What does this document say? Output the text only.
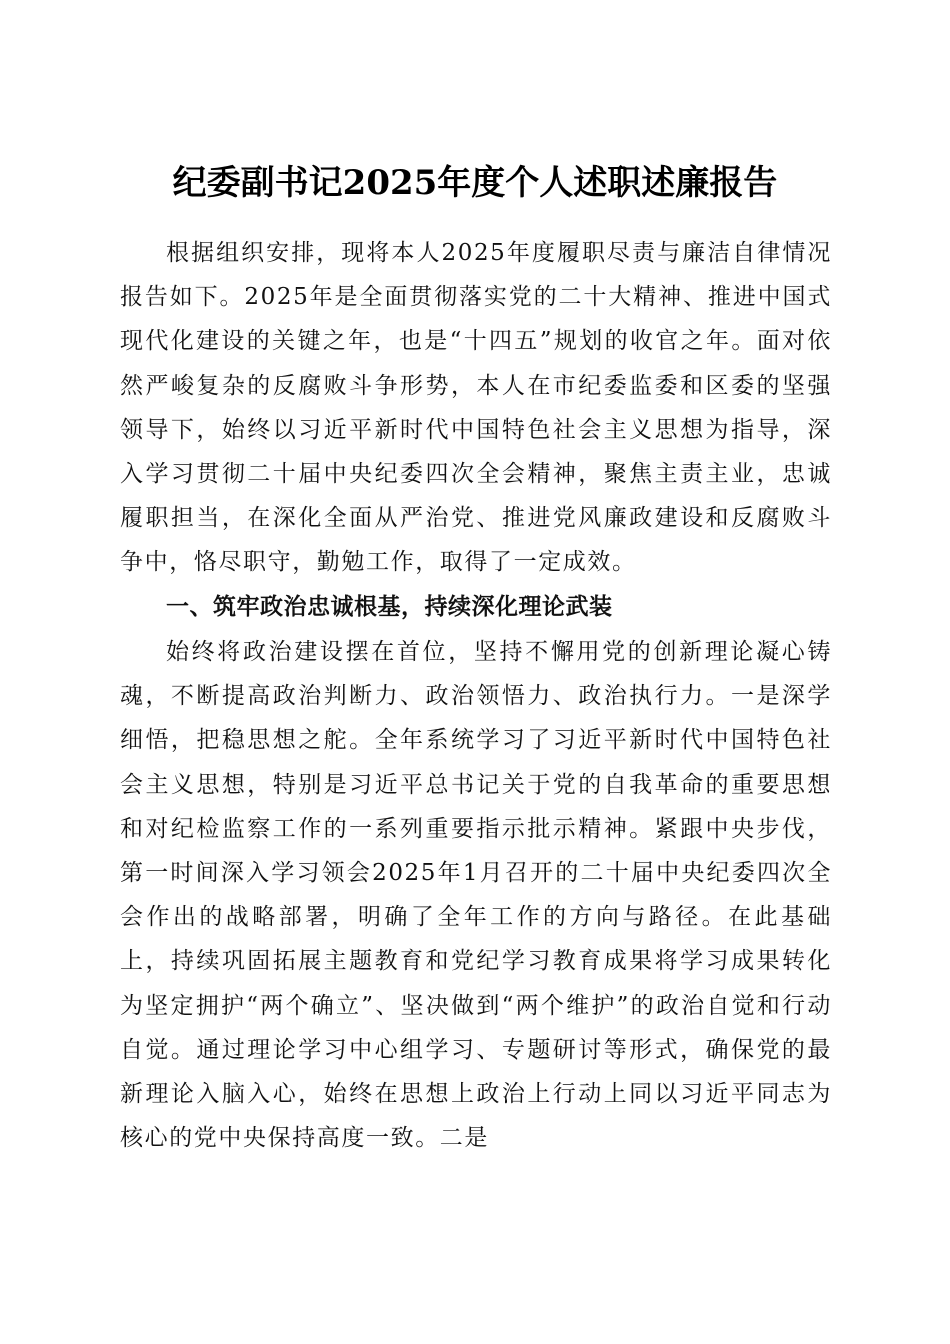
纪委副书记2025年度个人述职述廉报告

根据组织安排，现将本人2025年度履职尽责与廉洁自律情况报告如下。2025年是全面贯彻落实党的二十大精神、推进中国式现代化建设的关键之年，也是“十四五”规划的收官之年。面对依然严峻复杂的反腐败斗争形势，本人在市纪委监委和区委的坚强领导下，始终以习近平新时代中国特色社会主义思想为指导，深入学习贯彻二十届中央纪委四次全会精神，聚焦主责主业，忠诚履职担当，在深化全面从严治党、推进党风廉政建设和反腐败斗争中，恪尽职守，勤勉工作，取得了一定成效。

一、筑牢政治忠诚根基，持续深化理论武装

始终将政治建设摆在首位，坚持不懈用党的创新理论凝心铸魂，不断提高政治判断力、政治领悟力、政治执行力。一是深学细悟，把稳思想之舵。全年系统学习了习近平新时代中国特色社会主义思想，特别是习近平总书记关于党的自我革命的重要思想和对纪检监察工作的一系列重要指示批示精神。紧跟中央步伐，第一时间深入学习领会2025年1月召开的二十届中央纪委四次全会作出的战略部署，明确了全年工作的方向与路径。在此基础上，持续巩固拓展主题教育和党纪学习教育成果将学习成果转化为坚定拥护“两个确立”、坚决做到“两个维护”的政治自觉和行动自觉。通过理论学习中心组学习、专题研讨等形式，确保党的最新理论入脑入心，始终在思想上政治上行动上同以习近平同志为核心的党中央保持高度一致。二是
